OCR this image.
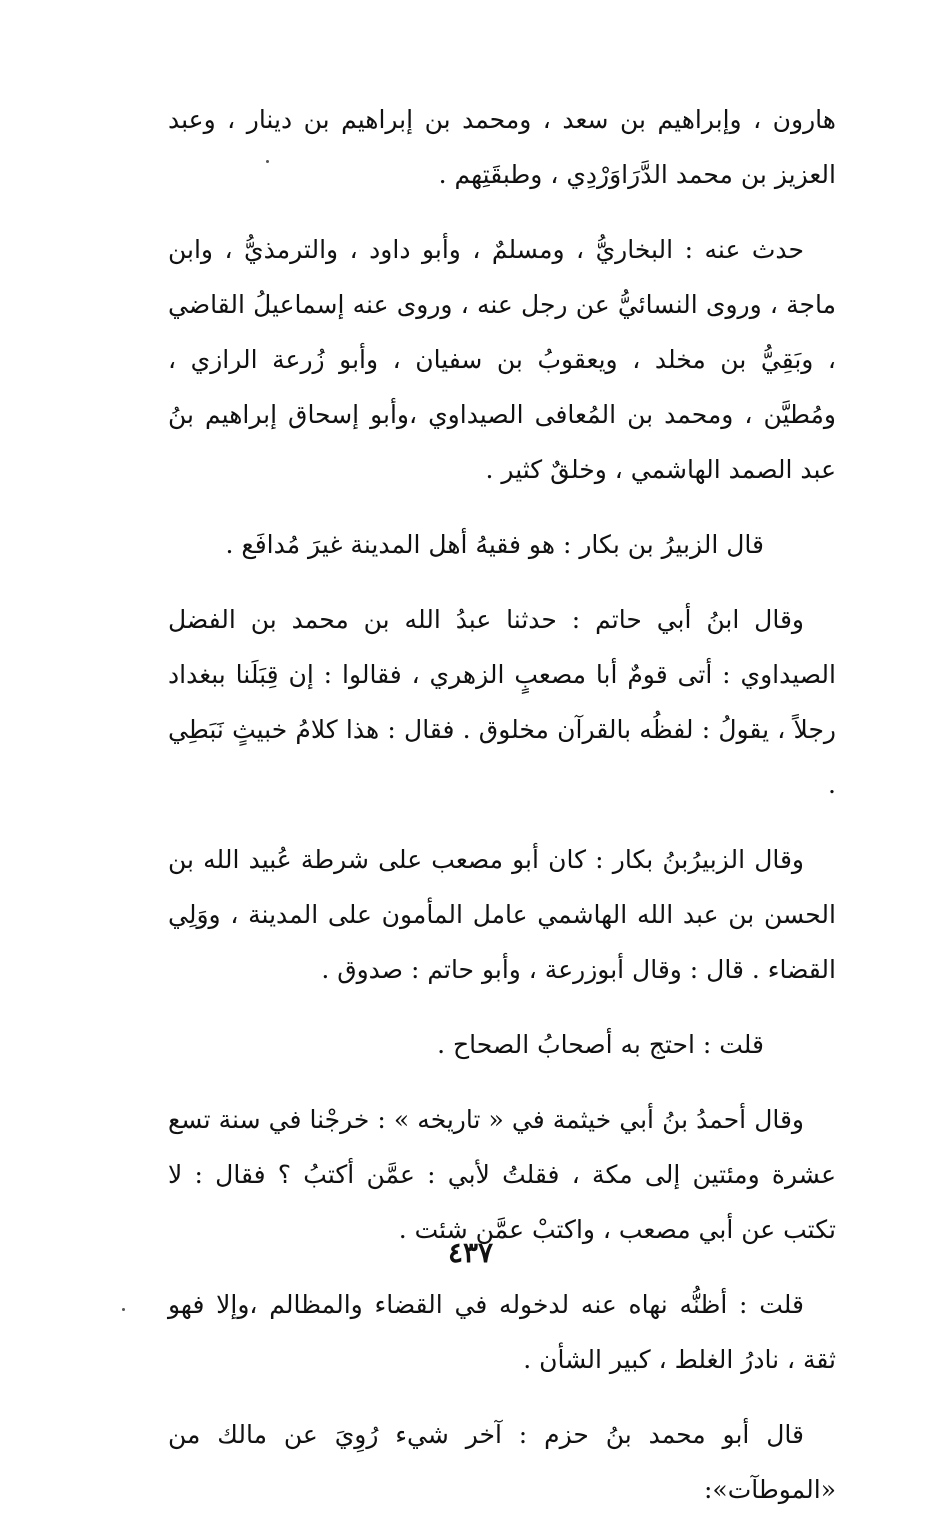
هارون ، وإبراهيم بن سعد ، ومحمد بن إبراهيم بن دينار ، وعبد العزيز بن محمد الدَّرَاوَرْدِي ، وطبقَتِهم .

حدث عنه : البخاريُّ ، ومسلمٌ ، وأبو داود ، والترمذيُّ ، وابن ماجة ، وروى النسائيُّ عن رجل عنه ، وروى عنه إسماعيلُ القاضي ، وبَقِيُّ بن مخلد ، ويعقوبُ بن سفيان ، وأبو زُرعة الرازي ، ومُطيَّن ، ومحمد بن المُعافى الصيداوي ،وأبو إسحاق إبراهيم بنُ عبد الصمد الهاشمي ، وخلقٌ كثير .

قال الزبيرُ بن بكار : هو فقيهُ أهل المدينة غيرَ مُدافَع .

وقال ابنُ أبي حاتم : حدثنا عبدُ الله بن محمد بن الفضل الصيداوي : أتى قومٌ أبا مصعبٍ الزهري ، فقالوا : إن قِبَلَنا ببغداد رجلاً ، يقولُ : لفظُه بالقرآن مخلوق . فقال : هذا كلامُ خبيثٍ نَبَطِي .

وقال الزبيرُبنُ بكار : كان أبو مصعب على شرطة عُبيد الله بن الحسن بن عبد الله الهاشمي عامل المأمون على المدينة ، ووَلِي القضاء . قال : وقال أبوزرعة ، وأبو حاتم : صدوق .

قلت : احتج به أصحابُ الصحاح .

وقال أحمدُ بنُ أبي خيثمة في « تاريخه » : خرجْنا في سنة تسع عشرة ومئتين إلى مكة ، فقلتُ لأبي : عمَّن أكتبُ ؟ فقال : لا تكتب عن أبي مصعب ، واكتبْ عمَّن شئت .

قلت : أظنُّه نهاه عنه لدخوله في القضاء والمظالم ،وإلا فهو ثقة ، نادرُ الغلط ، كبير الشأن .

قال أبو محمد بنُ حزم : آخر شيء رُوِيَ عن مالك من «الموطآت»:

٤٣٧
